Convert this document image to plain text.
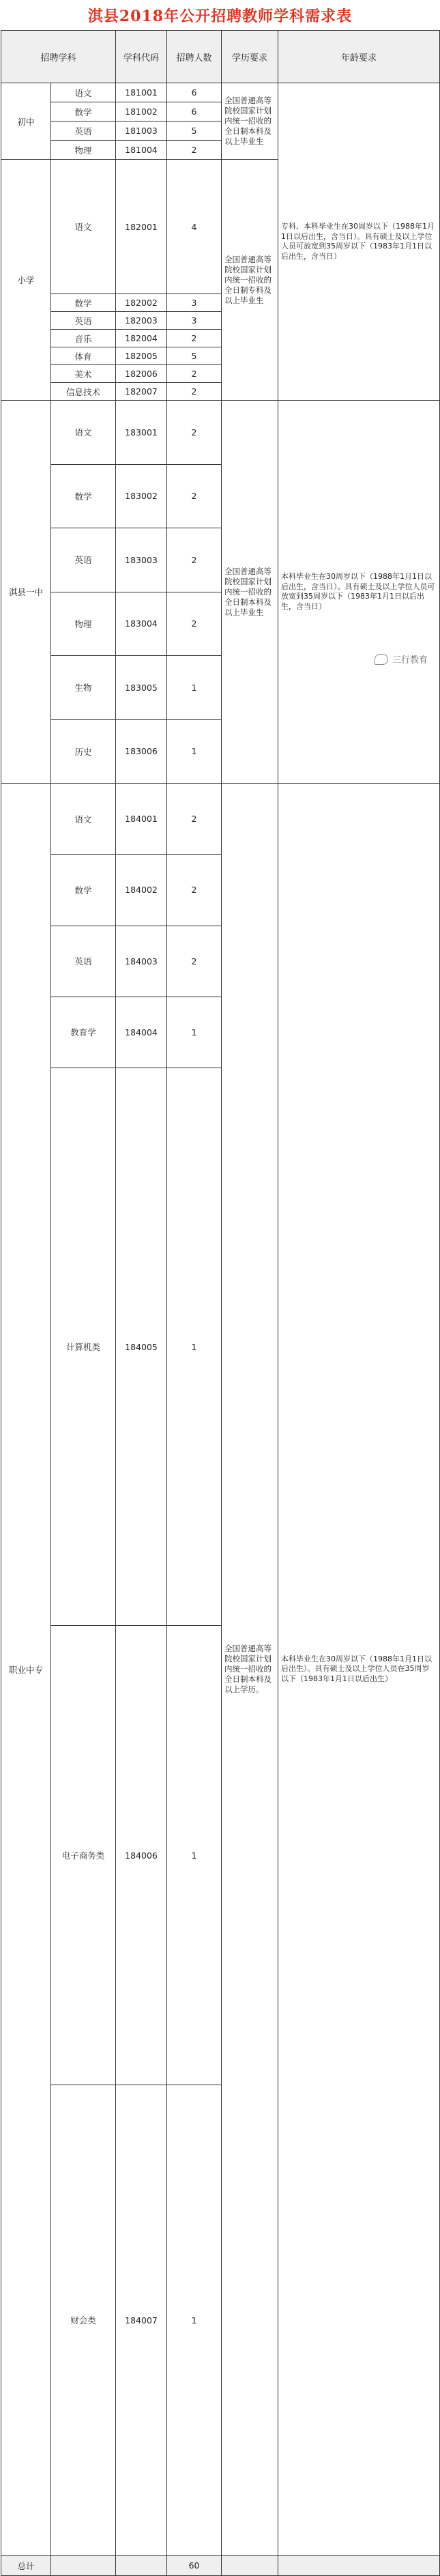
淇县2018年公开招聘教师学科需求表
招聘学科		学科代码	招聘人数	学历要求	年龄要求	
初中	语文	181001	6	全国普通高等院校国家计划内统一招收的全日制本科及以上毕业生	专科、本科毕业生在30周岁以下（1988年1月1日以后出生，含当日）。具有硕士及以上学位人员可放宽到35周岁以下（1983年1月1日以后出生，含当日）	
	数学	181002	6			
	英语	181003	5			
	物理	181004	2			
小学	语文	182001	4	全国普通高等院校国家计划内统一招收的全日制专科及以上毕业生		
	数学	182002	3			
	英语	182003	3			
	音乐	182004	2			
	体育	182005	5			
	美术	182006	2			
	信息技术	182007	2			
淇县一中	语文	183001	2	全国普通高等院校国家计划内统一招收的全日制本科及以上毕业生	本科毕业生在30周岁以下（1988年1月1日以后出生，含当日）。具有硕士及以上学位人员可放宽到35周岁以下（1983年1月1日以后出生，含当日）	
	数学	183002	2			
	英语	183003	2			
	物理	183004	2			
	生物	183005	1			
	历史	183006	1			
职业中专	语文	184001	2	全国普通高等院校国家计划内统一招收的全日制本科及以上学历。	本科毕业生在30周岁以下（1988年1月1日以后出生）。具有硕士及以上学位人员在35周岁以下（1983年1月1日以后出生）	
	数学	184002	2			
	英语	184003	2			
	教育学	184004	1			
	计算机类	184005	1	
	电子商务类	184006	1	
	财会类	184007	1	
总计			60			
三行教育
